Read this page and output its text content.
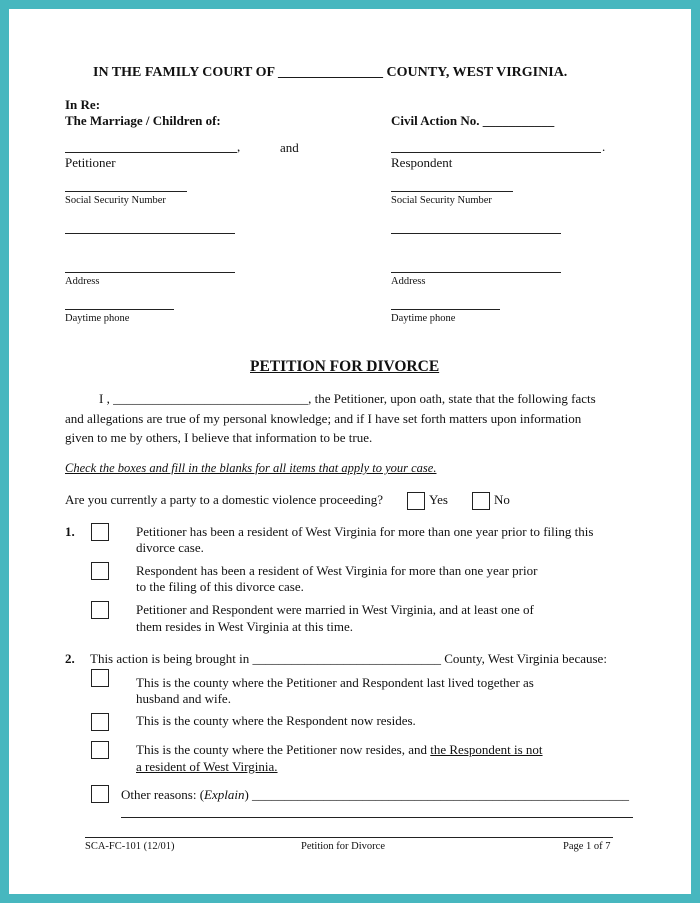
IN THE FAMILY COURT OF _______________ COUNTY, WEST VIRGINIA.
In Re:
The Marriage / Children of:	Civil Action No. ___________
,	and	.
Petitioner	Respondent
Social Security Number	Social Security Number
Address	Address
Daytime phone	Daytime phone
PETITION FOR DIVORCE
I , ______________________________, the Petitioner, upon oath, state that the following facts
and allegations are true of my personal knowledge; and if I have set forth matters upon information
given to me by others, I believe that information to be true.
Check the boxes and fill in the blanks for all items that apply to your case.
Are you currently a party to a domestic violence proceeding?	Yes	No
1.	Petitioner has been a resident of West Virginia for more than one year prior to filing this
divorce case.
Respondent has been a resident of West Virginia for more than one year prior
to the filing of this divorce case.
Petitioner and Respondent were married in West Virginia, and at least one of
them resides in West Virginia at this time.
2. This action is being brought in _____________________________ County, West Virginia because:
This is the county where the Petitioner and Respondent last lived together as
husband and wife.
This is the county where the Respondent now resides.
This is the county where the Petitioner now resides, and the Respondent is not
a resident of West Virginia.
Other reasons: (Explain) __________________________________________________________
SCA-FC-101 (12/01)	Petition for Divorce	Page 1 of 7
